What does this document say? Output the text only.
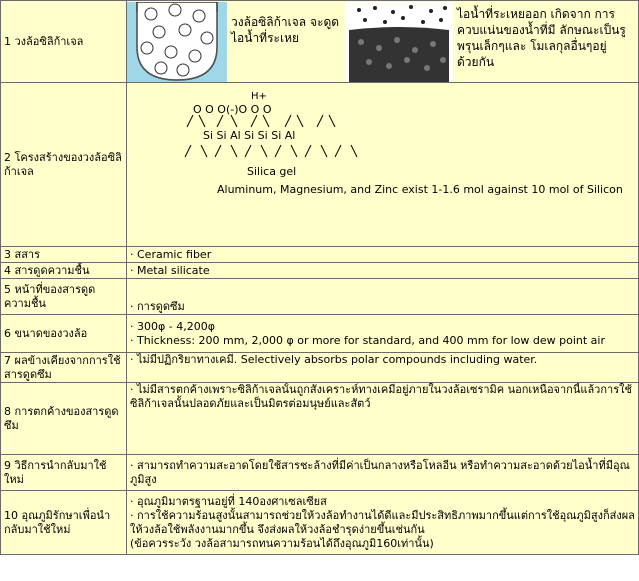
1 วงล้อซิลิก้าเจล	วงล้อซิลิก้าเจล จะดูดไอน้ำที่ระเหย
ไอน้ำที่ระเหยออก เกิดจาก การควบแน่นของน้ำที่มี ลักษณะเป็นรูพรุนเล็กๆและ โมเลกุลอื่นๆอยู่ด้วยกัน

2 โครงสร้างของวงล้อซิลิก้าเจล	H+
O O O(-)O O O
Si Si Al Si Si Si Al
Silica gel
Aluminum, Magnesium, and Zinc exist 1-1.6 mol against 10 mol of Silicon

3 สสาร	· Ceramic fiber
4 สารดูดความชื้น	· Metal silicate
5 หน้าที่ของสารดูดความชื้น	· การดูดซึม
6 ขนาดของวงล้อ	· 300φ - 4,200φ
· Thickness: 200 mm, 2,000 φ or more for standard, and 400 mm for low dew point air

7 ผลข้างเคียงจากการใช้สารดูดซึม	· ไม่มีปฏิกริยาทางเคมี. Selectively absorbs polar compounds including water.
8 การตกค้างของสารดูดซึม	· ไม่มีสารตกค้างเพราะซิลิก้าเจลนั้นถูกสังเคราะห์ทางเคมีอยู่ภายในวงล้อเซรามิค นอกเหนือจากนี้แล้วการใช้ซิลิก้าเจลนั้นปลอดภัยและเป็นมิตรต่อมนุษย์และสัตว์
9 วิธีการนำกลับมาใช้ใหม่	· สามารถทำความสะอาดโดยใช้สารชะล้างที่มีค่าเป็นกลางหรือโหลอีน หรือทำความสะอาดด้วยไอน้ำที่มีอุณภูมิสูง
10 อุณภูมิรักษาเพื่อนำกลับมาใช้ใหม่	· อุณภูมิมาตรฐานอยู่ที่ 140องศาเซลเซียส
· การใช้ความร้อนสูงนั้นสามารถช่วยให้วงล้อทำงานได้ดีและมีประสิทธิภาพมากขึ้นแต่การใช้อุณภูมิสูงก็ส่งผลให้วงล้อใช้พลังงานมากขึ้น จึงส่งผลให้วงล้อชำรุดง่ายขึ้นเช่นกัน
(ข้อควรระวัง วงล้อสามารถทนความร้อนได้ถึงอุณภูมิ160เท่านั้น)
